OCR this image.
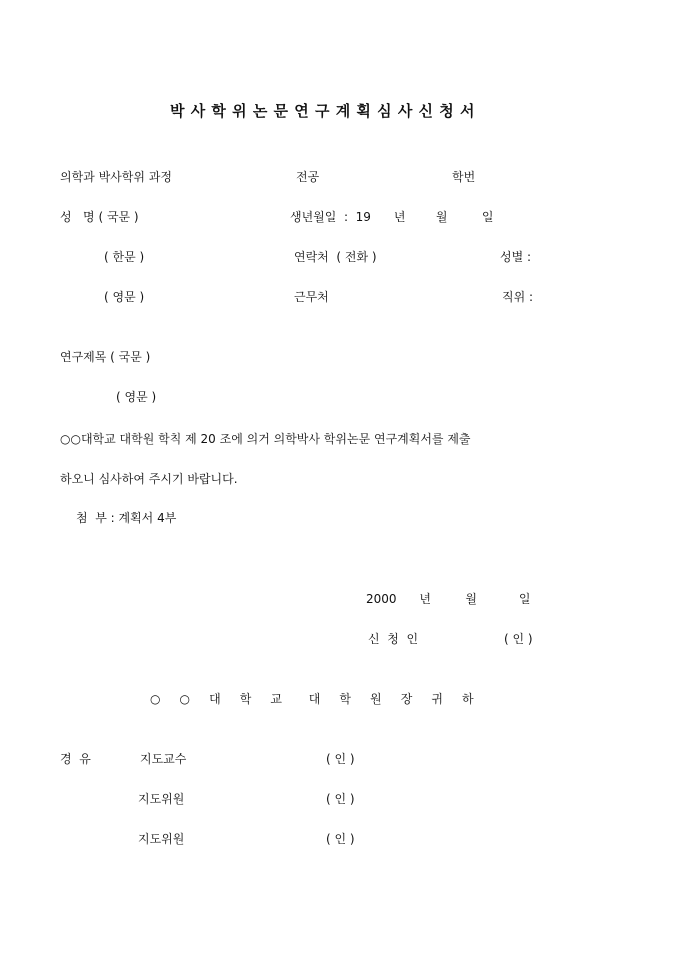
박 사 학 위 논 문 연 구 계 획 심 사 신 청 서
의학과 박사학위 과정	전공	학번
성   명 ( 국문 )	생년월일  :  19      년        월         일
( 한문 )	연락처  ( 전화 )	성별 :
( 영문 )	근무처	직위 :
연구제목 ( 국문 )
( 영문 )
○○대학교 대학원 학칙 제 20 조에 의거 의학박사 학위논문 연구계획서를 제출
하오니 심사하여 주시기 바랍니다.
첨  부 : 계획서 4부
2000      년         월           일
신  청  인	( 인 )
○     ○     대     학     교       대     학     원     장     귀     하
경  유	지도교수	( 인 )
지도위원	( 인 )
지도위원	( 인 )
